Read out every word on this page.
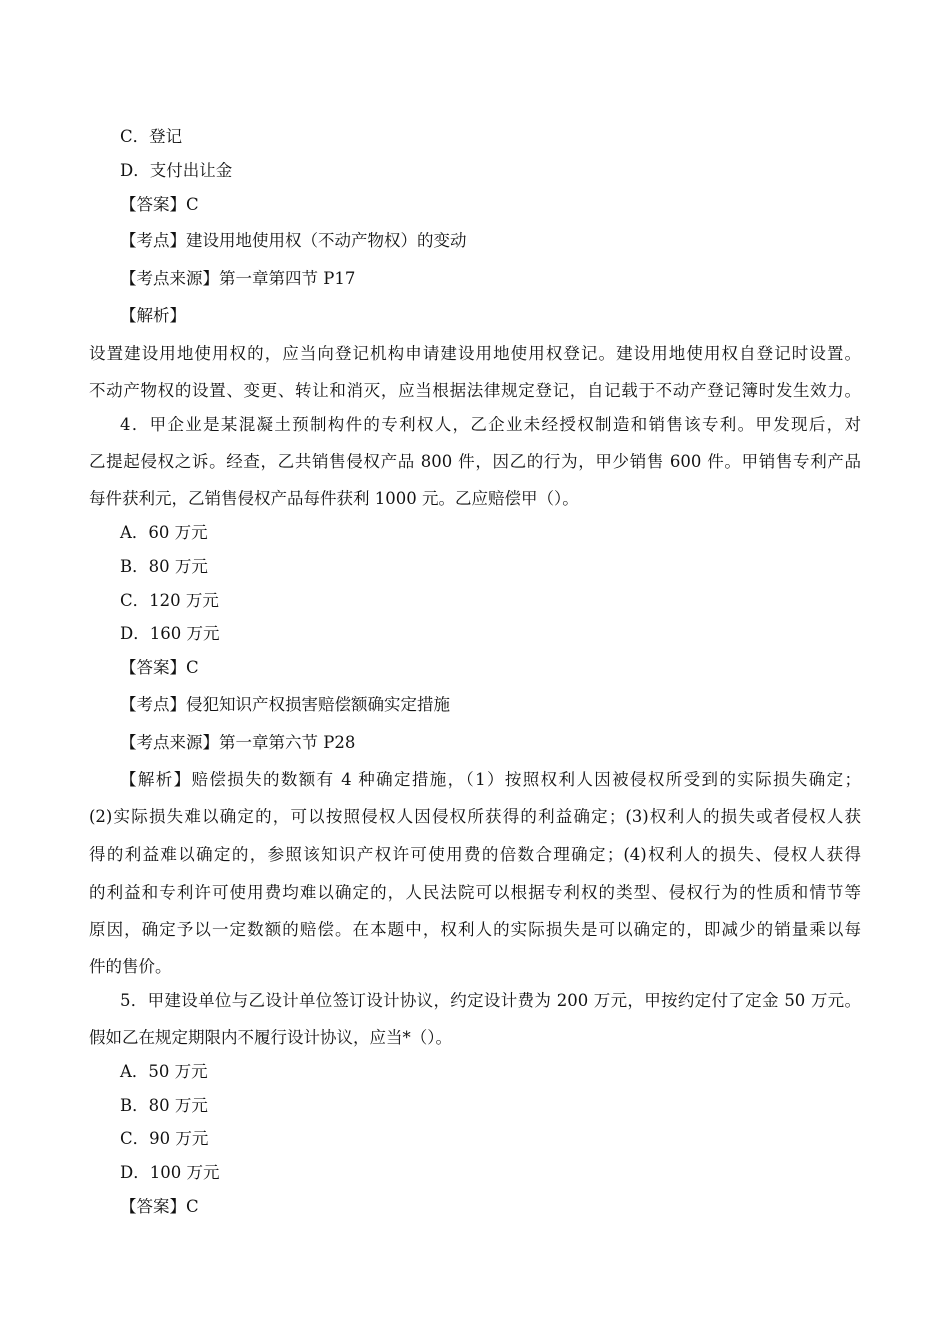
C．登记
D．支付出让金
【答案】C
【考点】建设用地使用权（不动产物权）的变动
【考点来源】第一章第四节 P17
【解析】
设置建设用地使用权的，应当向登记机构申请建设用地使用权登记。建设用地使用权自登记时设置。
不动产物权的设置、变更、转让和消灭，应当根据法律规定登记，自记载于不动产登记簿时发生效力。
4．甲企业是某混凝土预制构件的专利权人，乙企业未经授权制造和销售该专利。甲发现后，对
乙提起侵权之诉。经查，乙共销售侵权产品 800 件，因乙的行为，甲少销售 600 件。甲销售专利产品
每件获利元，乙销售侵权产品每件获利 1000 元。乙应赔偿甲（）。
A．60 万元
B．80 万元
C．120 万元
D．160 万元
【答案】C
【考点】侵犯知识产权损害赔偿额确实定措施
【考点来源】第一章第六节 P28
【解析】赔偿损失的数额有 4 种确定措施，（1）按照权利人因被侵权所受到的实际损失确定；
(2)实际损失难以确定的，可以按照侵权人因侵权所获得的利益确定；(3)权利人的损失或者侵权人获
得的利益难以确定的，参照该知识产权许可使用费的倍数合理确定；(4)权利人的损失、侵权人获得
的利益和专利许可使用费均难以确定的，人民法院可以根据专利权的类型、侵权行为的性质和情节等
原因，确定予以一定数额的赔偿。在本题中，权利人的实际损失是可以确定的，即减少的销量乘以每
件的售价。
5．甲建设单位与乙设计单位签订设计协议，约定设计费为 200 万元，甲按约定付了定金 50 万元。
假如乙在规定期限内不履行设计协议，应当*（）。
A．50 万元
B．80 万元
C．90 万元
D．100 万元
【答案】C
